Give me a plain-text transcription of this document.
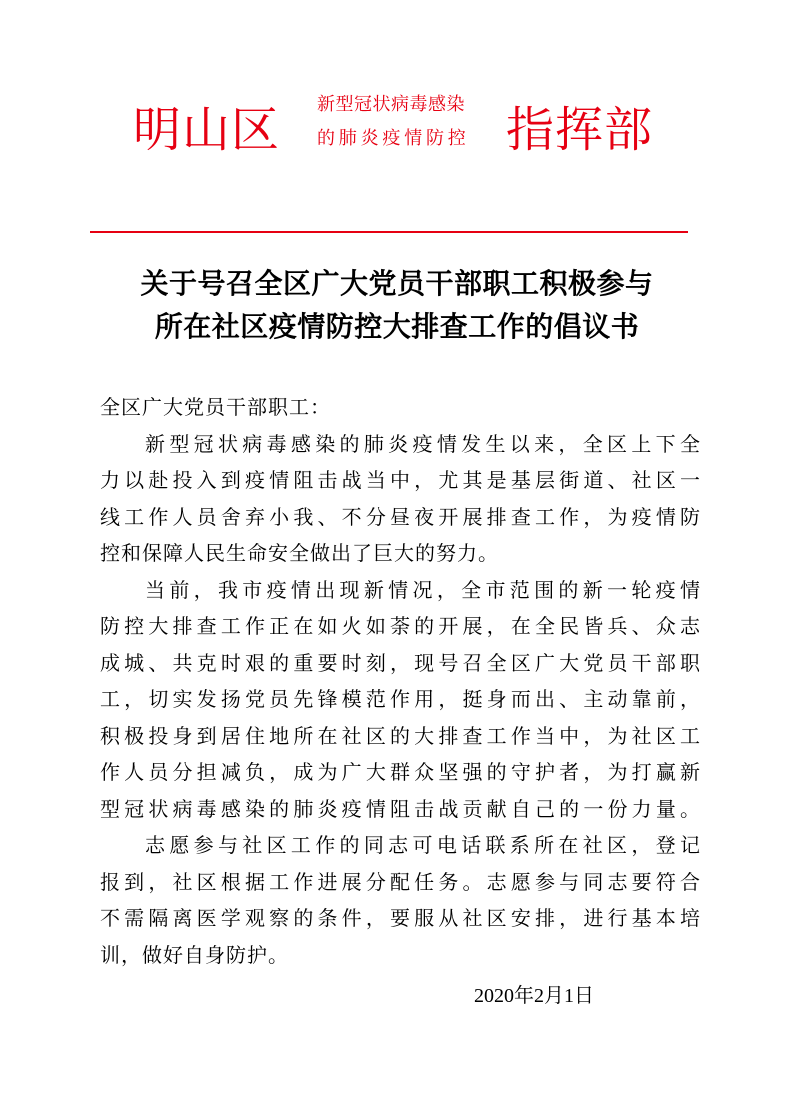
明山区 新型冠状病毒感染
的肺炎疫情防控 指挥部
关于号召全区广大党员干部职工积极参与
所在社区疫情防控大排查工作的倡议书
全区广大党员干部职工：
新型冠状病毒感染的肺炎疫情发生以来，全区上下全
力以赴投入到疫情阻击战当中，尤其是基层街道、社区一
线工作人员舍弃小我、不分昼夜开展排查工作，为疫情防
控和保障人民生命安全做出了巨大的努力。
当前，我市疫情出现新情况，全市范围的新一轮疫情
防控大排查工作正在如火如荼的开展，在全民皆兵、众志
成城、共克时艰的重要时刻，现号召全区广大党员干部职
工，切实发扬党员先锋模范作用，挺身而出、主动靠前，
积极投身到居住地所在社区的大排查工作当中，为社区工
作人员分担减负，成为广大群众坚强的守护者，为打赢新
型冠状病毒感染的肺炎疫情阻击战贡献自己的一份力量。
志愿参与社区工作的同志可电话联系所在社区，登记
报到，社区根据工作进展分配任务。志愿参与同志要符合
不需隔离医学观察的条件，要服从社区安排，进行基本培
训，做好自身防护。
2020年2月1日
